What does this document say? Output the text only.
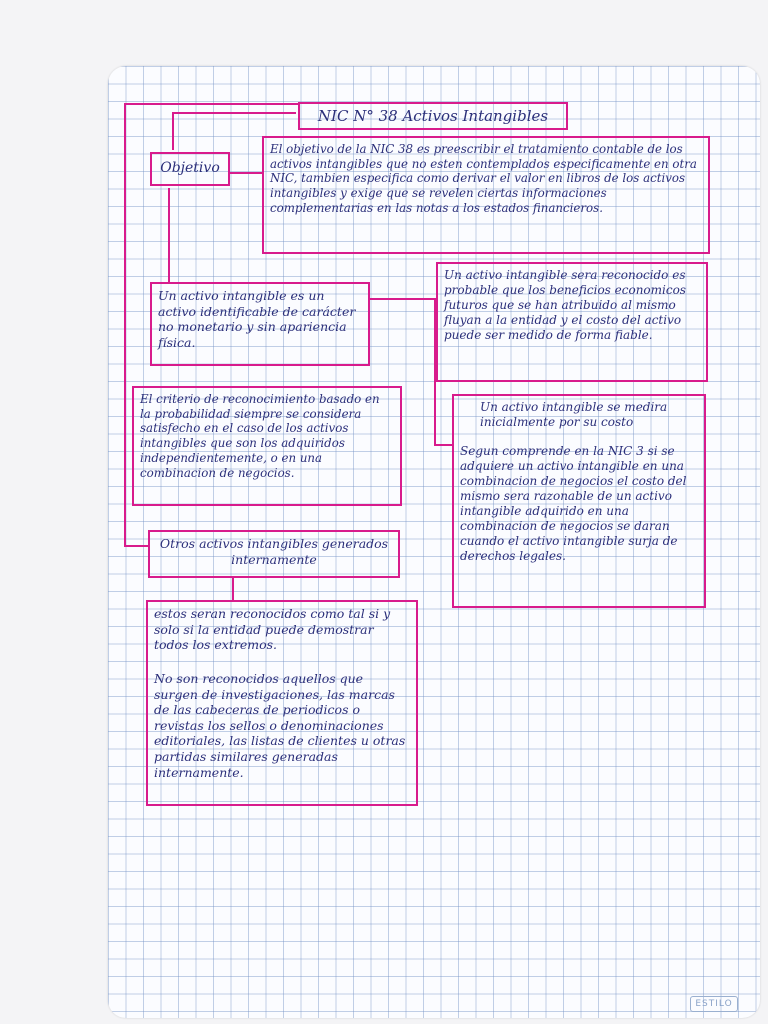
NIC N° 38 Activos Intangibles
Objetivo
El objetivo de la NIC 38 es preescribir el tratamiento contable de los activos intangibles que no esten contemplados especificamente en otra NIC, tambien especifica como derivar el valor en libros de los activos intangibles y exige que se revelen ciertas informaciones complementarias en las notas a los estados financieros.
Un activo intangible es un activo identificable de carácter no monetario y sin apariencia física.
Un activo intangible sera reconocido es probable que los beneficios economicos futuros que se han atribuido al mismo fluyan a la entidad y el costo del activo puede ser medido de forma fiable.
El criterio de reconocimiento basado en la probabilidad siempre se considera satisfecho en el caso de los activos intangibles que son los adquiridos independientemente, o en una combinacion de negocios.

Un activo intangible se medira inicialmente por su costo

Segun comprende en la NIC 3 si se adquiere un activo intangible en una combinacion de negocios el costo del mismo sera razonable de un activo intangible adquirido en una combinacion de negocios se daran cuando el activo intangible surja de derechos legales.

Otros activos intangibles generados internamente

estos seran reconocidos como tal si y solo si la entidad puede demostrar todos los extremos.

No son reconocidos aquellos que surgen de investigaciones, las marcas de las cabeceras de periodicos o revistas los sellos o denominaciones editoriales, las listas de clientes u otras partidas similares generadas internamente.

ESTILO
